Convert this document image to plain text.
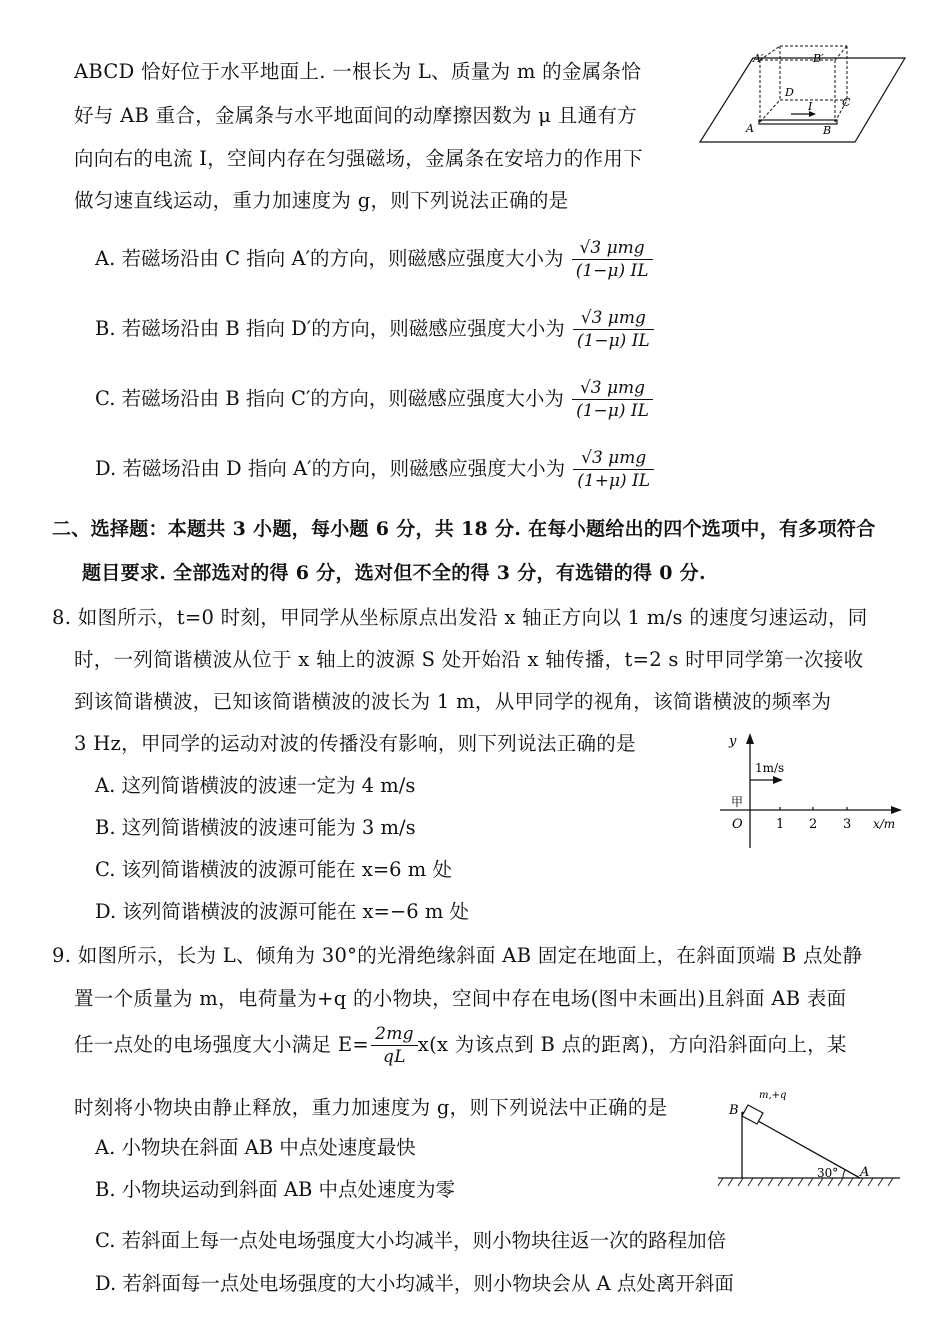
ABCD 恰好位于水平地面上. 一根长为 L、质量为 m 的金属条恰
好与 AB 重合，金属条与水平地面间的动摩擦因数为 μ 且通有方
向向右的电流 I，空间内存在匀强磁场，金属条在安培力的作用下
做匀速直线运动，重力加速度为 g，则下列说法正确的是
A′	B′
D
C
A	B
I
A. 若磁场沿由 C 指向 A′的方向，则磁感应强度大小为 $\frac{\text{√3 μmg}}{(1-\mu) IL}$
B. 若磁场沿由 B 指向 D′的方向，则磁感应强度大小为 $\frac{\text{√3 μmg}}{(1-\mu) IL}$
C. 若磁场沿由 B 指向 C′的方向，则磁感应强度大小为 $\frac{\text{√3 μmg}}{(1-\mu) IL}$
D. 若磁场沿由 D 指向 A′的方向，则磁感应强度大小为 $\frac{\text{√3 μmg}}{(1+\mu) IL}$
二、选择题：本题共 3 小题，每小题 6 分，共 18 分. 在每小题给出的四个选项中，有多项符合
题目要求. 全部选对的得 6 分，选对但不全的得 3 分，有选错的得 0 分.
8. 如图所示，t=0 时刻，甲同学从坐标原点出发沿 x 轴正方向以 1 m/s 的速度匀速运动，同
时，一列简谐横波从位于 x 轴上的波源 S 处开始沿 x 轴传播，t=2 s 时甲同学第一次接收
到该简谐横波，已知该简谐横波的波长为 1 m，从甲同学的视角，该简谐横波的频率为
3 Hz，甲同学的运动对波的传播没有影响，则下列说法正确的是
A. 这列简谐横波的波速一定为 4 m/s
B. 这列简谐横波的波速可能为 3 m/s
C. 该列简谐横波的波源可能在 x=6 m 处
D. 该列简谐横波的波源可能在 x=−6 m 处
y
1m/s
甲
O	1 2 3 x/m
9. 如图所示，长为 L、倾角为 30°的光滑绝缘斜面 AB 固定在地面上，在斜面顶端 B 点处静
置一个质量为 m，电荷量为+q 的小物块，空间中存在电场(图中未画出)且斜面 AB 表面
任一点处的电场强度大小满足 $E= \frac{2mg}{qL} x(x$ 为该点到 B 点的距离)，方向沿斜面向上，某
时刻将小物块由静止释放，重力加速度为 g，则下列说法中正确的是
A. 小物块在斜面 AB 中点处速度最快
B. 小物块运动到斜面 AB 中点处速度为零
C. 若斜面上每一点处电场强度大小均减半，则小物块往返一次的路程加倍
D. 若斜面每一点处电场强度的大小均减半，则小物块会从 A 点处离开斜面
B
m,+q
30° A
